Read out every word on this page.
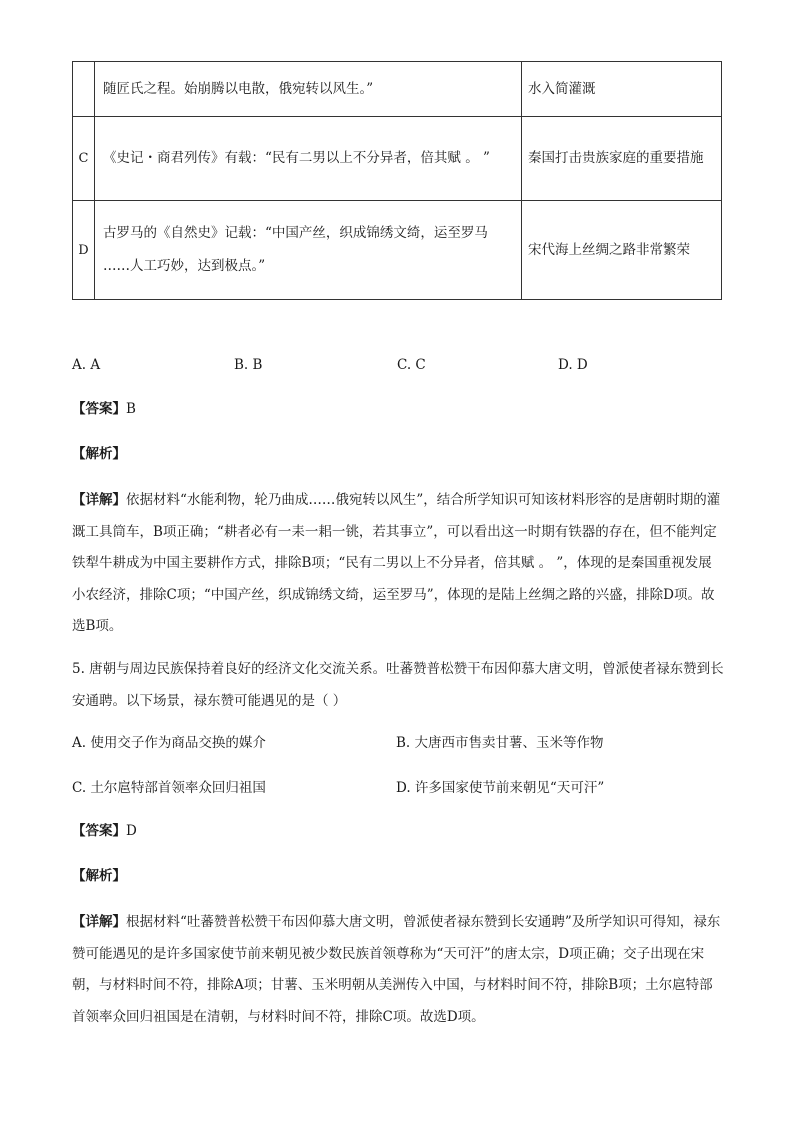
	随匠氏之程。始崩腾以电散，俄宛转以风生。”	水入简灌溉
C	《史记・商君列传》有载：“民有二男以上不分异者，倍其赋 。 ”	秦国打击贵族家庭的重要措施
D	古罗马的《自然史》记载：“中国产丝，织成锦绣文绮，运至罗马 ……人工巧妙，达到极点。”	宋代海上丝绸之路非常繁荣
A. A	B. B	C. C	D. D
【答案】B
【解析】
【详解】依据材料“水能利物，轮乃曲成……俄宛转以风生”，结合所学知识可知该材料形容的是唐朝时期的灌溉工具筒车，B项正确；“耕者必有一耒一耜一铫，若其事立”，可以看出这一时期有铁器的存在，但不能判定铁犁牛耕成为中国主要耕作方式，排除B项；“民有二男以上不分异者，倍其赋 。 ”，体现的是秦国重视发展小农经济，排除C项；“中国产丝，织成锦绣文绮，运至罗马”，体现的是陆上丝绸之路的兴盛，排除D项。故选B项。
5. 唐朝与周边民族保持着良好的经济文化交流关系。吐蕃赞普松赞干布因仰慕大唐文明，曾派使者禄东赞到长安通聘。以下场景，禄东赞可能遇见的是（ ）
A. 使用交子作为商品交换的媒介	B. 大唐西市售卖甘薯、玉米等作物
C. 土尔扈特部首领率众回归祖国	D. 许多国家使节前来朝见“天可汗”
【答案】D
【解析】
【详解】根据材料“吐蕃赞普松赞干布因仰慕大唐文明，曾派使者禄东赞到长安通聘”及所学知识可得知，禄东赞可能遇见的是许多国家使节前来朝见被少数民族首领尊称为“天可汗”的唐太宗，D项正确；交子出现在宋朝，与材料时间不符，排除A项；甘薯、玉米明朝从美洲传入中国，与材料时间不符，排除B项；土尔扈特部首领率众回归祖国是在清朝，与材料时间不符，排除C项。故选D项。
